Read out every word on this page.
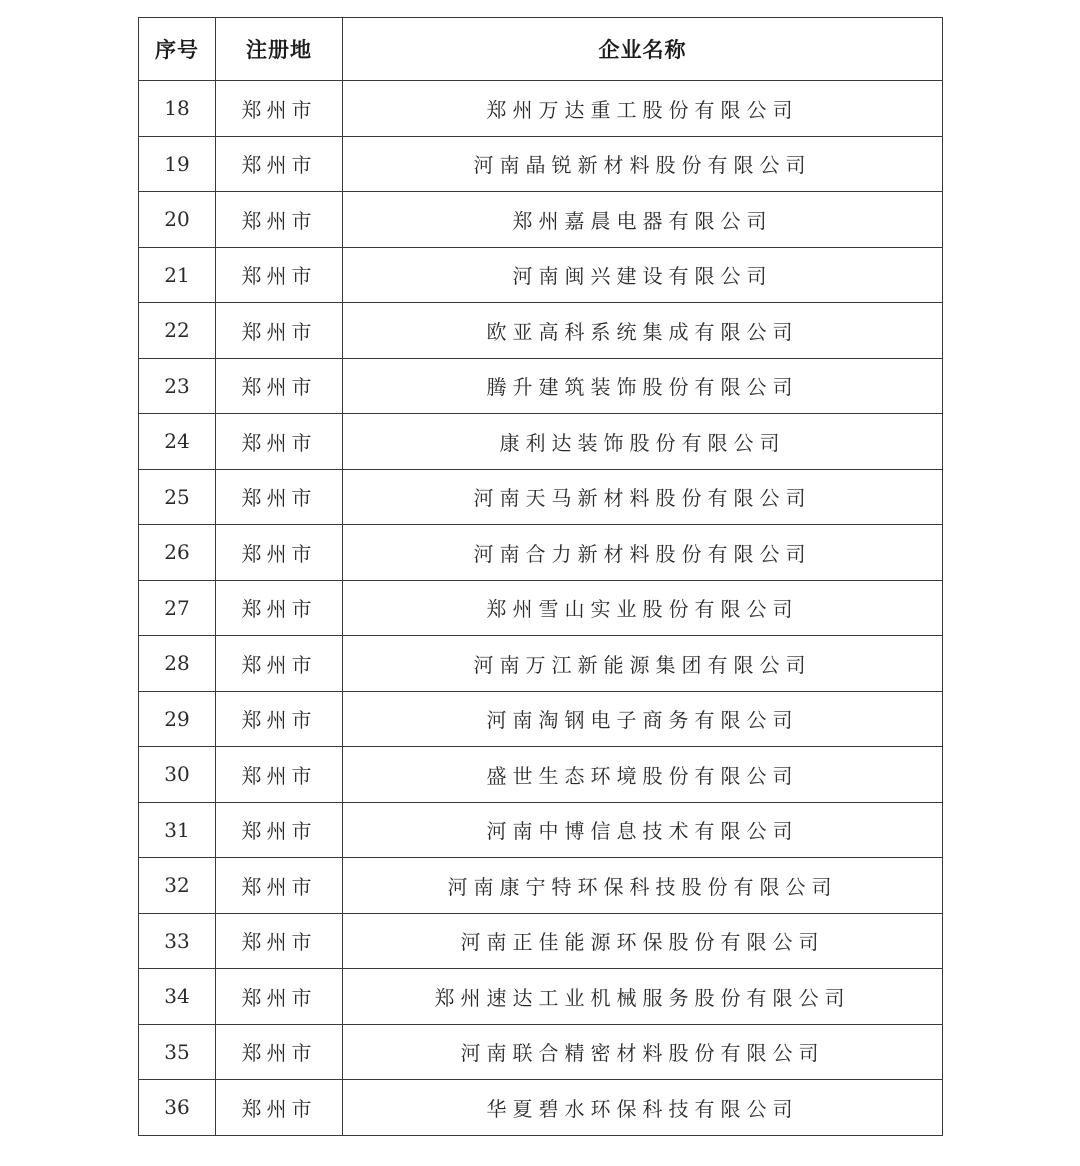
序号	注册地	企业名称
18	郑州市	郑州万达重工股份有限公司
19	郑州市	河南晶锐新材料股份有限公司
20	郑州市	郑州嘉晨电器有限公司
21	郑州市	河南闽兴建设有限公司
22	郑州市	欧亚高科系统集成有限公司
23	郑州市	腾升建筑装饰股份有限公司
24	郑州市	康利达装饰股份有限公司
25	郑州市	河南天马新材料股份有限公司
26	郑州市	河南合力新材料股份有限公司
27	郑州市	郑州雪山实业股份有限公司
28	郑州市	河南万江新能源集团有限公司
29	郑州市	河南淘钢电子商务有限公司
30	郑州市	盛世生态环境股份有限公司
31	郑州市	河南中博信息技术有限公司
32	郑州市	河南康宁特环保科技股份有限公司
33	郑州市	河南正佳能源环保股份有限公司
34	郑州市	郑州速达工业机械服务股份有限公司
35	郑州市	河南联合精密材料股份有限公司
36	郑州市	华夏碧水环保科技有限公司
